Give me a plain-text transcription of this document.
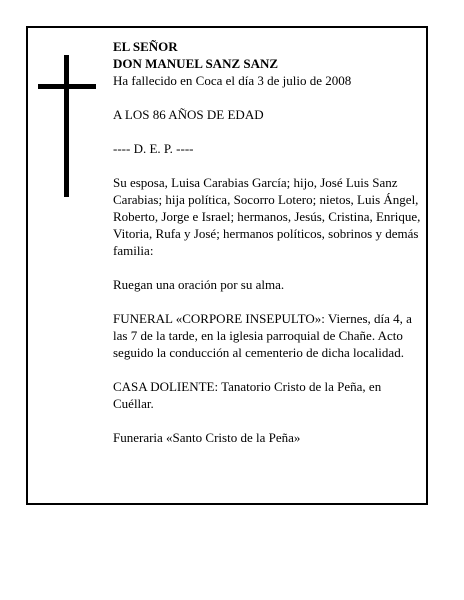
EL SEÑOR

DON MANUEL SANZ SANZ

Ha fallecido en Coca el día 3 de julio de 2008

A LOS 86 AÑOS DE EDAD

---- D. E. P. ----

Su esposa, Luisa Carabias García; hijo, José Luis Sanz Carabias; hija política, Socorro Lotero; nietos, Luis Ángel, Roberto, Jorge e Israel; hermanos, Jesús, Cristina, Enrique, Vitoria, Rufa y José; hermanos políticos, sobrinos y demás familia:

Ruegan una oración por su alma.

FUNERAL «CORPORE INSEPULTO»: Viernes, día 4, a las 7 de la tarde, en la iglesia parroquial de Chañe. Acto seguido la conducción al cementerio de dicha localidad.

CASA DOLIENTE: Tanatorio Cristo de la Peña, en Cuéllar.

Funeraria «Santo Cristo de la Peña»
